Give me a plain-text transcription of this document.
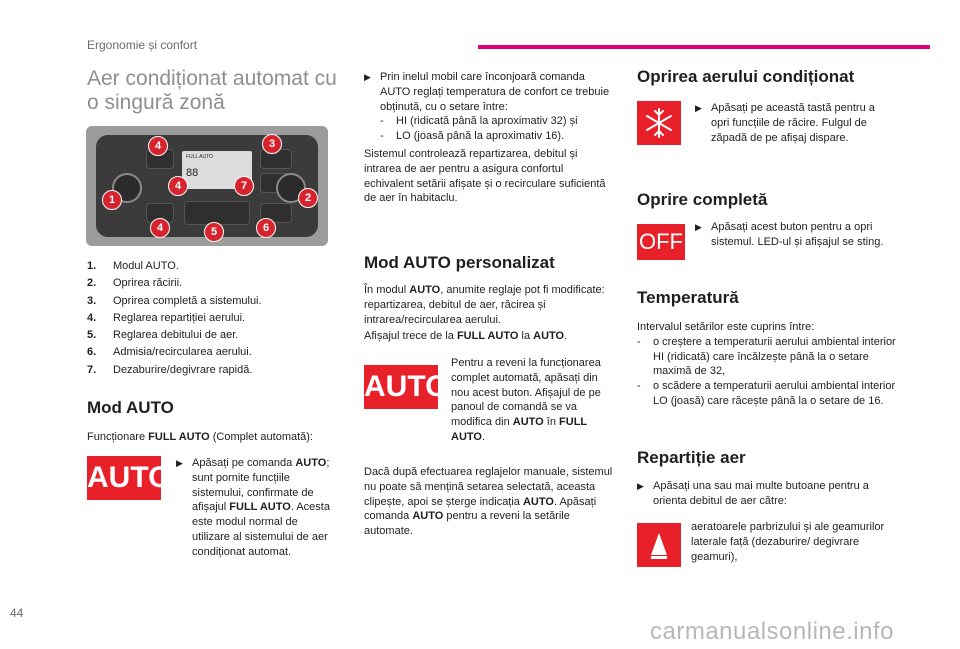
Ergonomie și confort
Aer condiționat automat cu o singură zonă
FULL AUTO
88
4	3
1
4	7
2
4	5	6
1.	Modul AUTO.
2.	Oprirea răcirii.
3.	Oprirea completă a sistemului.
4.	Reglarea repartiției aerului.
5.	Reglarea debitului de aer.
6.	Admisia/recircularea aerului.
7.	Dezaburire/degivrare rapidă.
Mod AUTO
Funcționare FULL AUTO (Complet automată):
AUTO ▶ Apăsați pe comanda AUTO; sunt pornite funcțiile sistemului, confirmate de afișajul FULL AUTO. Acesta este modul normal de utilizare al sistemului de aer condiționat automat.
▶ Prin inelul mobil care înconjoară comanda AUTO reglați temperatura de confort ce trebuie obținută, cu o setare între:
-	HI (ridicată până la aproximativ 32) și
-	LO (joasă până la aproximativ 16).
Sistemul controlează repartizarea, debitul și intrarea de aer pentru a asigura confortul echivalent setării afișate și o recirculare suficientă de aer în habitaclu.
Mod AUTO personalizat
În modul AUTO, anumite reglaje pot fi modificate: repartizarea, debitul de aer, răcirea și intrarea/recircularea aerului.
Afișajul trece de la FULL AUTO la AUTO.
AUTO
Pentru a reveni la funcționarea complet automată, apăsați din nou acest buton. Afișajul de pe panoul de comandă se va modifica din AUTO în FULL AUTO.
Dacă după efectuarea reglajelor manuale, sistemul nu poate să mențină setarea selectată, aceasta clipește, apoi se șterge indicația AUTO. Apăsați comanda AUTO pentru a reveni la setările automate.
Oprirea aerului condiționat
▶ Apăsați pe această tastă pentru a opri funcțiile de răcire. Fulgul de zăpadă de pe afișaj dispare.
Oprire completă
OFF
▶ Apăsați acest buton pentru a opri sistemul. LED-ul și afișajul se sting.
Temperatură
Intervalul setărilor este cuprins între:
-	o creștere a temperaturii aerului ambiental interior HI (ridicată) care încălzește până la o setare maximă de 32,
-	o scădere a temperaturii aerului ambiental interior LO (joasă) care răcește până la o setare de 16.
Repartiție aer
▶ Apăsați una sau mai multe butoane pentru a orienta debitul de aer către:
aeratoarele parbrizului și ale geamurilor laterale față (dezaburire/ degivrare geamuri),
44
carmanualsonline.info
